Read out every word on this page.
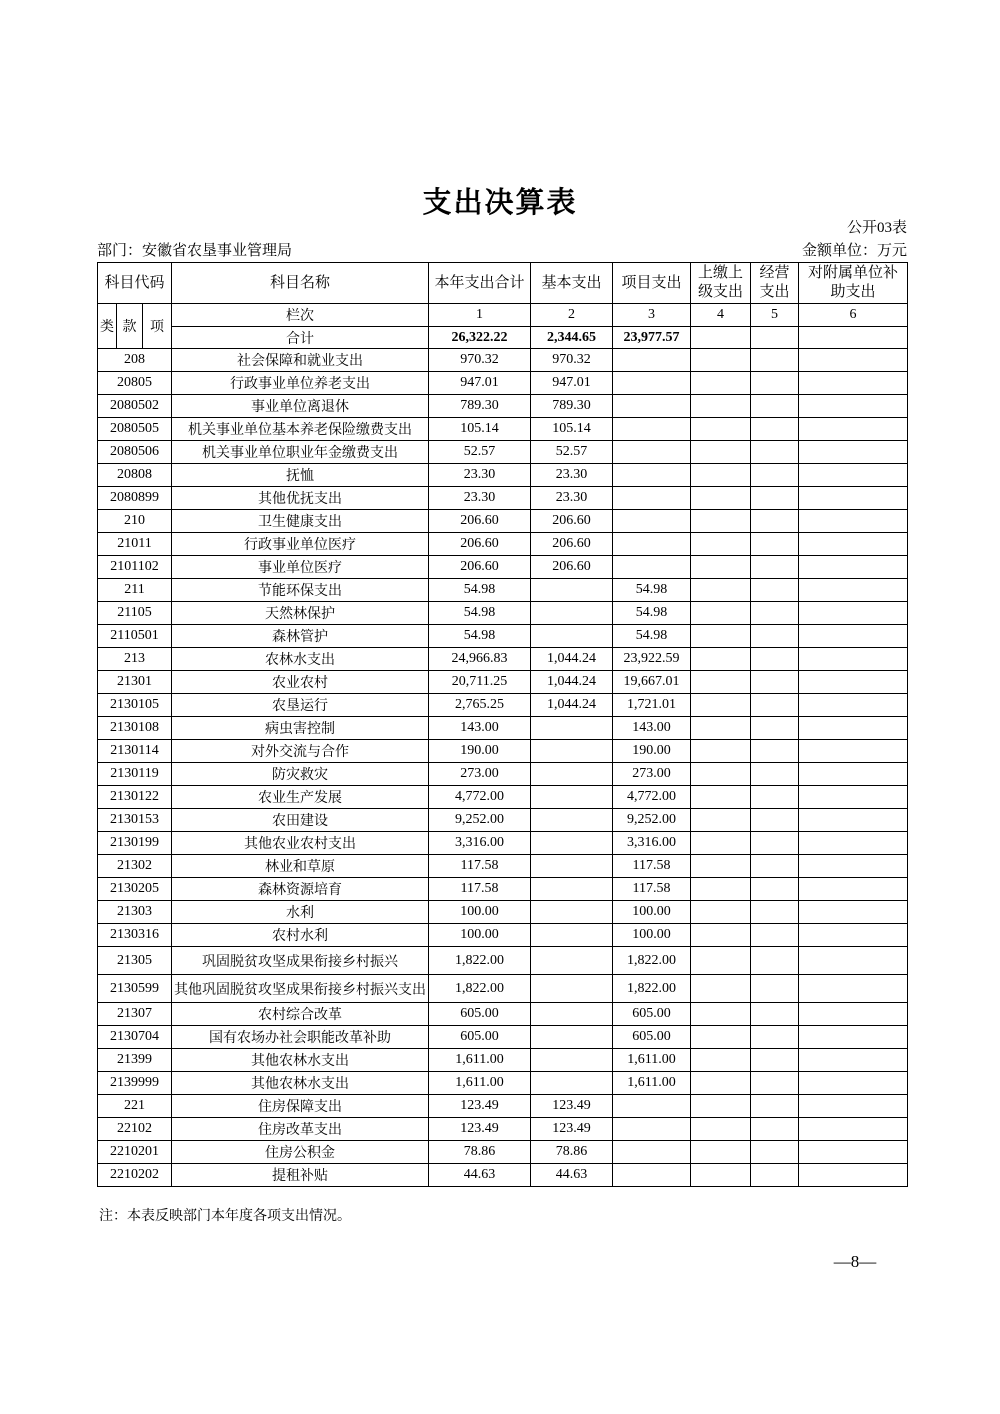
支出决算表
公开03表
部门：安徽省农垦事业管理局	金额单位：万元
科目代码			科目名称	本年支出合计	基本支出	项目支出	上缴上级支出	经营支出	对附属单位补助支出
类	款	项	栏次	1	2	3	4	5	6
			合计	26,322.22	2,344.65	23,977.57			
208			社会保障和就业支出	970.32	970.32				
20805			行政事业单位养老支出	947.01	947.01				
2080502			事业单位离退休	789.30	789.30				
2080505			机关事业单位基本养老保险缴费支出	105.14	105.14				
2080506			机关事业单位职业年金缴费支出	52.57	52.57				
20808			抚恤	23.30	23.30				
2080899			其他优抚支出	23.30	23.30				
210			卫生健康支出	206.60	206.60				
21011			行政事业单位医疗	206.60	206.60				
2101102			事业单位医疗	206.60	206.60				
211			节能环保支出	54.98		54.98			
21105			天然林保护	54.98		54.98			
2110501			森林管护	54.98		54.98			
213			农林水支出	24,966.83	1,044.24	23,922.59			
21301			农业农村	20,711.25	1,044.24	19,667.01			
2130105			农垦运行	2,765.25	1,044.24	1,721.01			
2130108			病虫害控制	143.00		143.00			
2130114			对外交流与合作	190.00		190.00			
2130119			防灾救灾	273.00		273.00			
2130122			农业生产发展	4,772.00		4,772.00			
2130153			农田建设	9,252.00		9,252.00			
2130199			其他农业农村支出	3,316.00		3,316.00			
21302			林业和草原	117.58		117.58			
2130205			森林资源培育	117.58		117.58			
21303			水利	100.00		100.00			
2130316			农村水利	100.00		100.00			
21305			巩固脱贫攻坚成果衔接乡村振兴	1,822.00		1,822.00			
2130599			其他巩固脱贫攻坚成果衔接乡村振兴支出	1,822.00		1,822.00			
21307			农村综合改革	605.00		605.00			
2130704			国有农场办社会职能改革补助	605.00		605.00			
21399			其他农林水支出	1,611.00		1,611.00			
2139999			其他农林水支出	1,611.00		1,611.00			
221			住房保障支出	123.49	123.49				
22102			住房改革支出	123.49	123.49				
2210201			住房公积金	78.86	78.86				
2210202			提租补贴	44.63	44.63				
注：本表反映部门本年度各项支出情况。
—8—
